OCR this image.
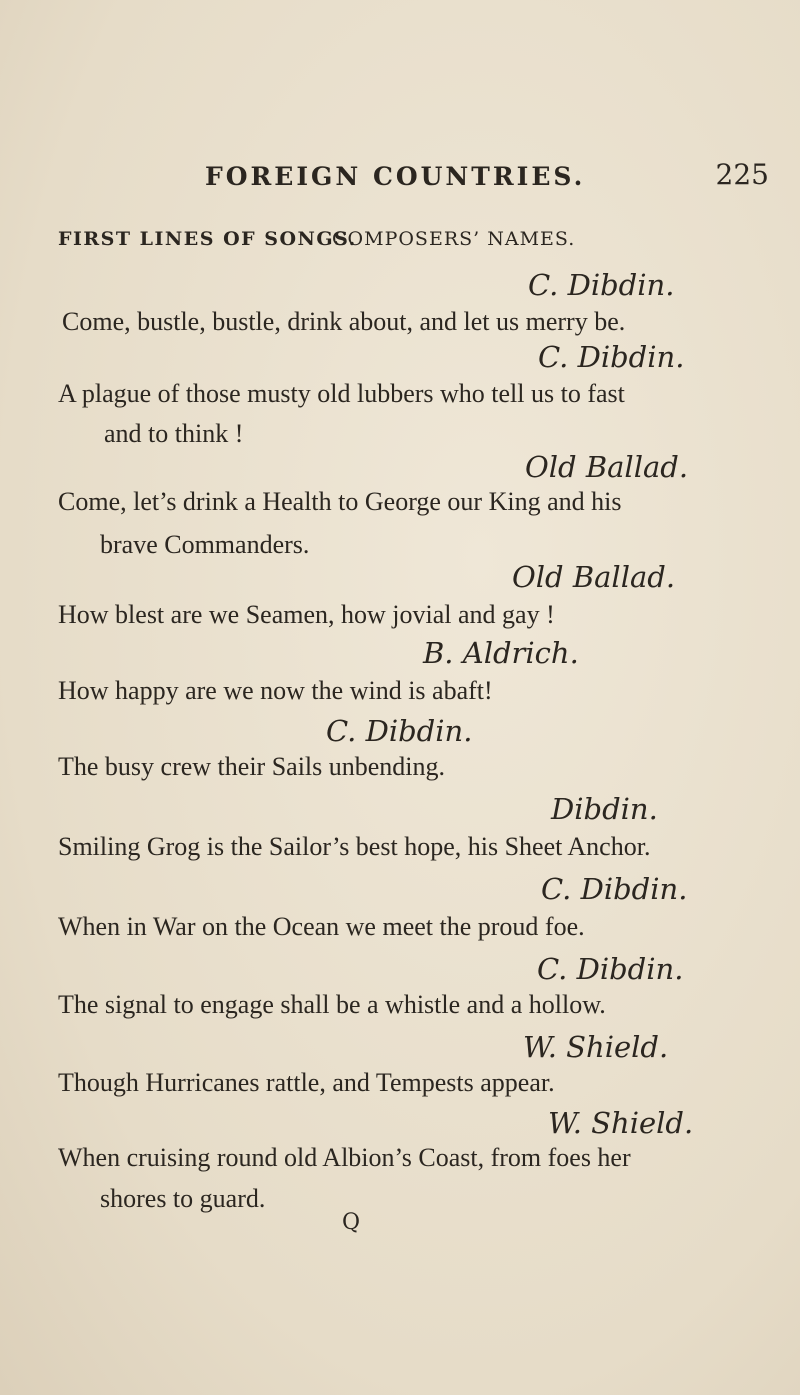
FOREIGN COUNTRIES.	225
FIRST LINES OF SONGS.
COMPOSERS’ NAMES.
C. Dibdin.
Come, bustle, bustle, drink about, and let us merry be.
C. Dibdin.
A plague of those musty old lubbers who tell us to fast
and to think !
Old Ballad.
Come, let’s drink a Health to George our King and his
brave Commanders.
Old Ballad.
How blest are we Seamen, how jovial and gay !
B. Aldrich.
How happy are we now the wind is abaft!
C. Dibdin.
The busy crew their Sails unbending.
Dibdin.
Smiling Grog is the Sailor’s best hope, his Sheet Anchor.
C. Dibdin.
When in War on the Ocean we meet the proud foe.
C. Dibdin.
The signal to engage shall be a whistle and a hollow.
W. Shield.
Though Hurricanes rattle, and Tempests appear.
W. Shield.
When cruising round old Albion’s Coast, from foes her
shores to guard.
Q
